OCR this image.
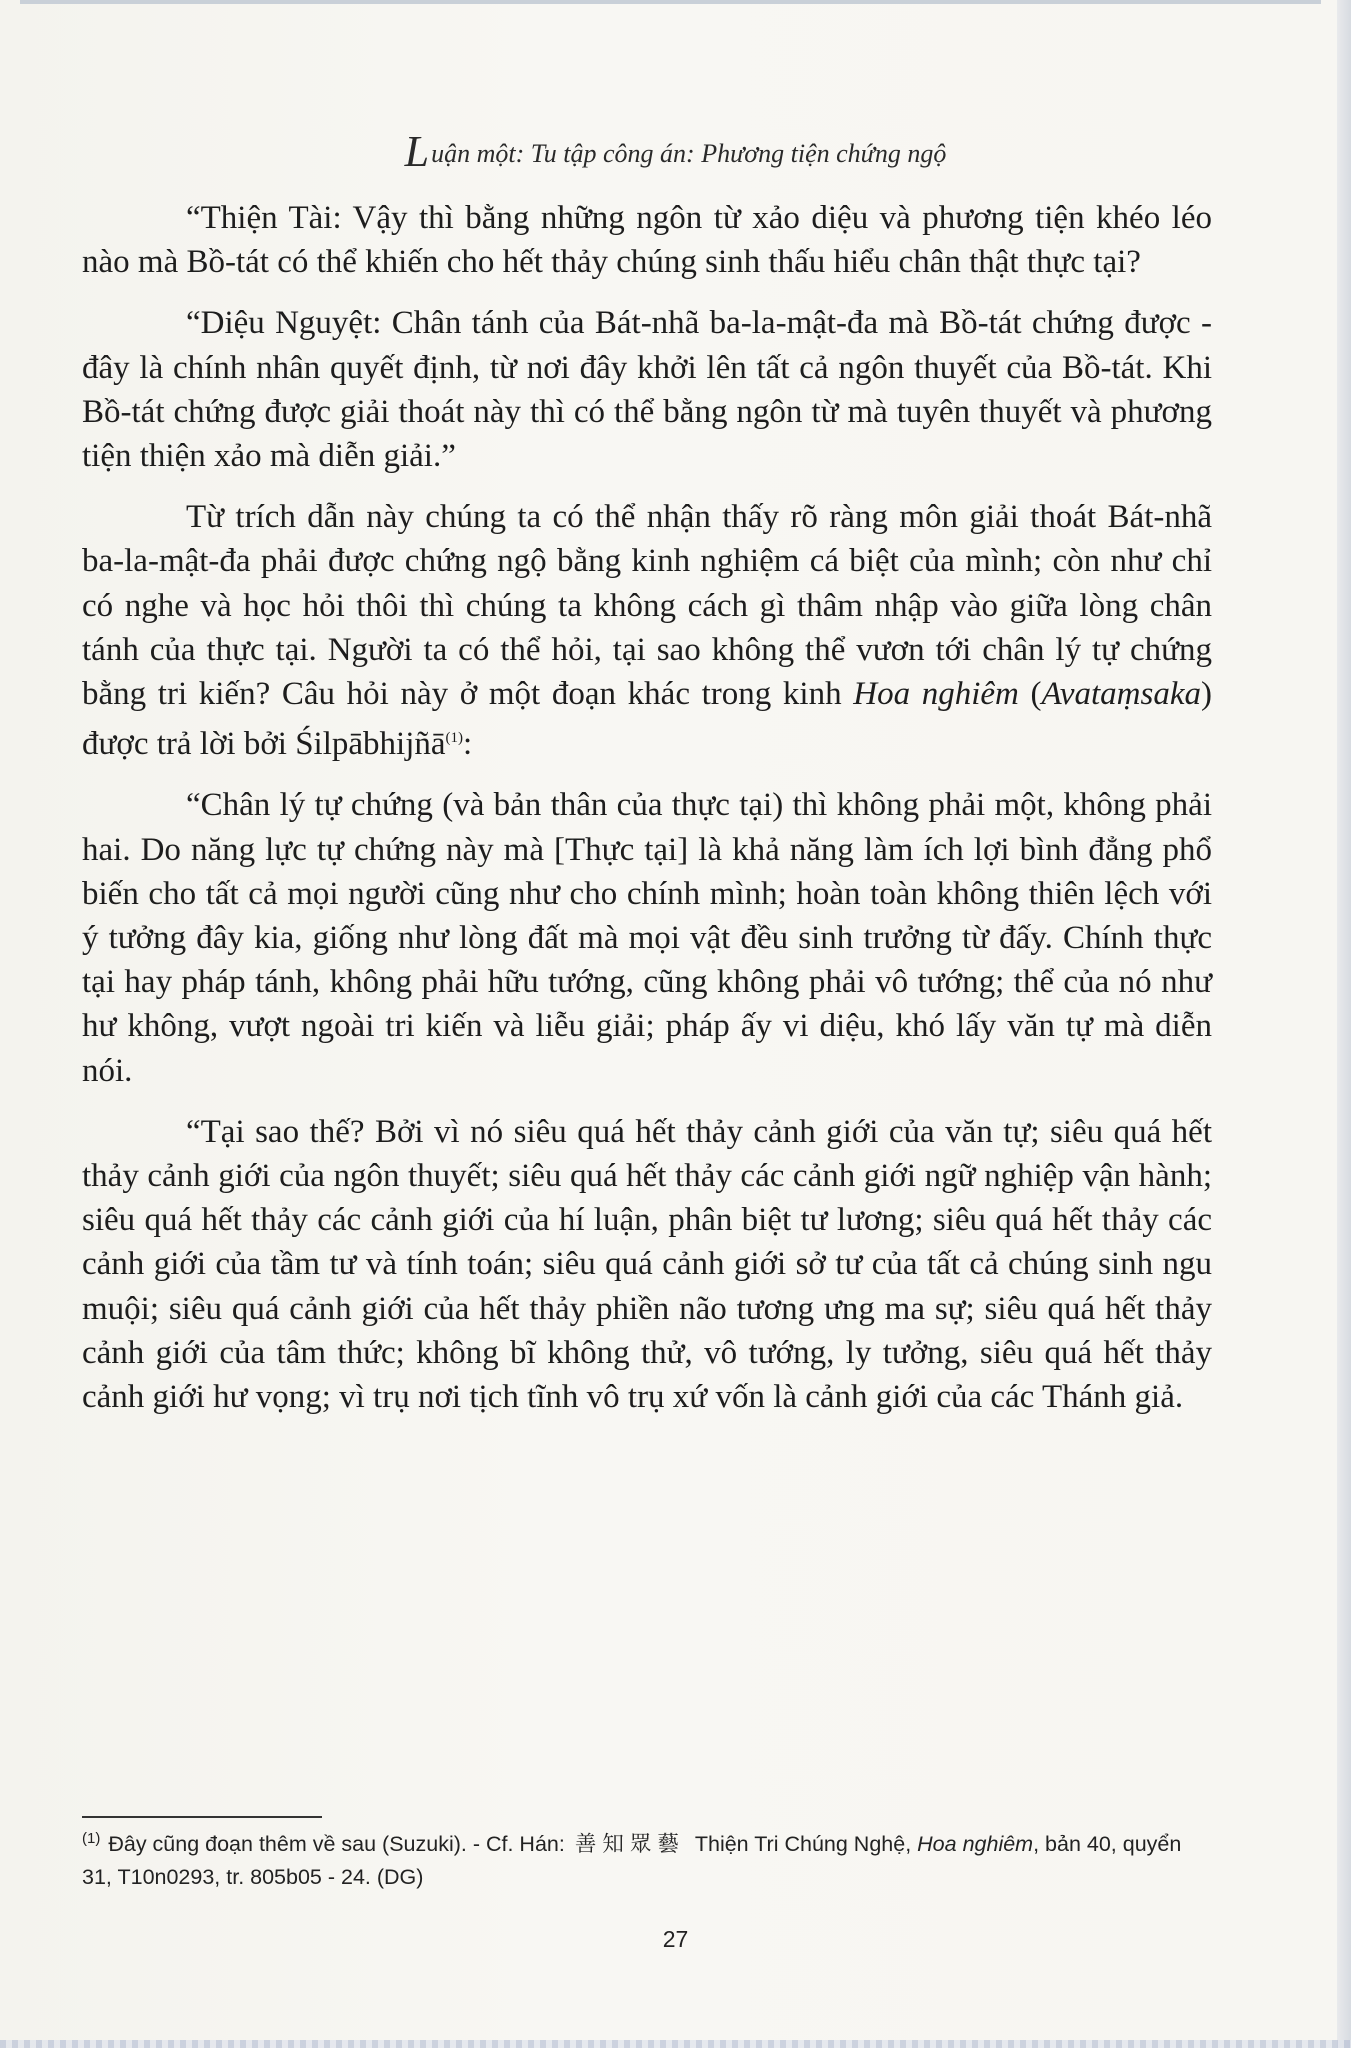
Luận một: Tu tập công án: Phương tiện chứng ngộ

“Thiện Tài: Vậy thì bằng những ngôn từ xảo diệu và phương tiện khéo léo nào mà Bồ-tát có thể khiến cho hết thảy chúng sinh thấu hiểu chân thật thực tại?

“Diệu Nguyệt: Chân tánh của Bát-nhã ba-la-mật-đa mà Bồ-tát chứng được - đây là chính nhân quyết định, từ nơi đây khởi lên tất cả ngôn thuyết của Bồ-tát. Khi Bồ-tát chứng được giải thoát này thì có thể bằng ngôn từ mà tuyên thuyết và phương tiện thiện xảo mà diễn giải.”

Từ trích dẫn này chúng ta có thể nhận thấy rõ ràng môn giải thoát Bát-nhã ba-la-mật-đa phải được chứng ngộ bằng kinh nghiệm cá biệt của mình; còn như chỉ có nghe và học hỏi thôi thì chúng ta không cách gì thâm nhập vào giữa lòng chân tánh của thực tại. Người ta có thể hỏi, tại sao không thể vươn tới chân lý tự chứng bằng tri kiến? Câu hỏi này ở một đoạn khác trong kinh Hoa nghiêm (Avataṃsaka) được trả lời bởi Śilpābhijñā$^{(1)}$:

“Chân lý tự chứng (và bản thân của thực tại) thì không phải một, không phải hai. Do năng lực tự chứng này mà [Thực tại] là khả năng làm ích lợi bình đẳng phổ biến cho tất cả mọi người cũng như cho chính mình; hoàn toàn không thiên lệch với ý tưởng đây kia, giống như lòng đất mà mọi vật đều sinh trưởng từ đấy. Chính thực tại hay pháp tánh, không phải hữu tướng, cũng không phải vô tướng; thể của nó như hư không, vượt ngoài tri kiến và liễu giải; pháp ấy vi diệu, khó lấy văn tự mà diễn nói.

“Tại sao thế? Bởi vì nó siêu quá hết thảy cảnh giới của văn tự; siêu quá hết thảy cảnh giới của ngôn thuyết; siêu quá hết thảy các cảnh giới ngữ nghiệp vận hành; siêu quá hết thảy các cảnh giới của hí luận, phân biệt tư lương; siêu quá hết thảy các cảnh giới của tầm tư và tính toán; siêu quá cảnh giới sở tư của tất cả chúng sinh ngu muội; siêu quá cảnh giới của hết thảy phiền não tương ưng ma sự; siêu quá hết thảy cảnh giới của tâm thức; không bĩ không thử, vô tướng, ly tưởng, siêu quá hết thảy cảnh giới hư vọng; vì trụ nơi tịch tĩnh vô trụ xứ vốn là cảnh giới của các Thánh giả.

$^{(1)}$ Đây cũng đoạn thêm về sau (Suzuki). - Cf. Hán: 善知眾藝 Thiện Tri Chúng Nghệ, Hoa nghiêm, bản 40, quyển 31, T10n0293, tr. 805b05 - 24. (DG)
27
